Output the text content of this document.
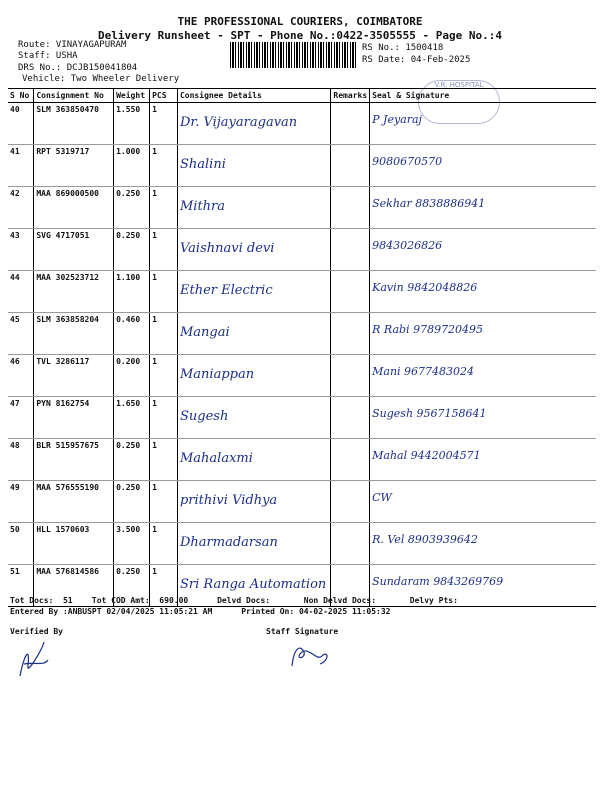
THE PROFESSIONAL COURIERS, COIMBATORE
Delivery Runsheet - SPT - Phone No.:0422-3505555 - Page No.:4
Route: VINAYAGAPURAM
Staff: USHA
DRS No.: DCJB150041804
Vehicle: Two Wheeler Delivery
RS No.: 1500418
RS Date: 04-Feb-2025
V.R. HOSPITAL
S No	Consignment No	Weight	PCS	Consignee Details	Remarks	Seal & Signature
40	SLM 363850470	1.550	1	Dr. Vijayaragavan		P Jeyaraj

41	RPT 5319717	1.000	1	Shalini		9080670570

42	MAA 869000500	0.250	1	Mithra		Sekhar 8838886941

43	SVG 4717051	0.250	1	Vaishnavi devi		9843026826

44	MAA 302523712	1.100	1	Ether Electric		Kavin 9842048826

45	SLM 363858204	0.460	1	Mangai		R Rabi 9789720495

46	TVL 3286117	0.200	1	Maniappan		Mani 9677483024

47	PYN 8162754	1.650	1	Sugesh		Sugesh 9567158641

48	BLR 515957675	0.250	1	Mahalaxmi		Mahal 9442004571

49	MAA 576555190	0.250	1	prithivi Vidhya		CW

50	HLL 1570603	3.500	1	Dharmadarsan		R. Vel 8903939642

51	MAA 576814586	0.250	1	Sri Ranga Automation		Sundaram 9843269769
Tot Docs:  51    Tot COD Amt:  690.00      Delvd Docs:       Non Delvd Docs:       Delvy Pts:
Entered By :ANBUSPT 02/04/2025 11:05:21 AM      Printed On: 04-02-2025 11:05:32
Verified By	Staff Signature
